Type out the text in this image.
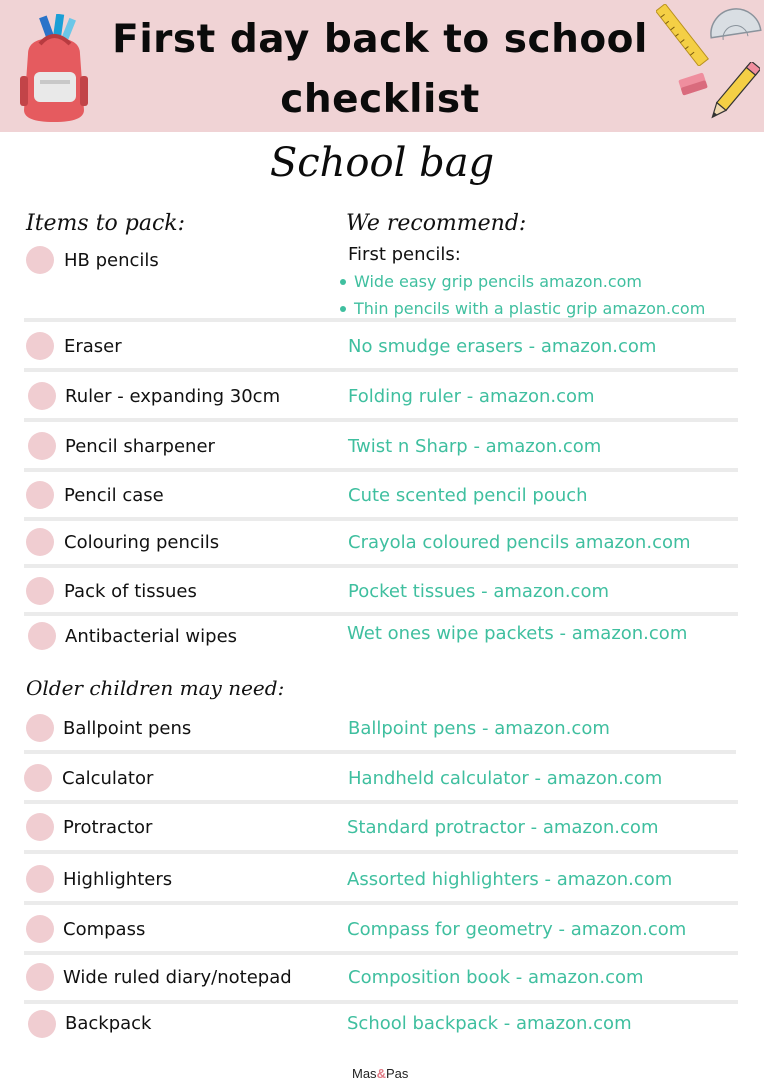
First day back to school
checklist
School bag
Items to pack:	We recommend:
HB pencils	First pencils:
Wide easy grip pencils amazon.com
Thin pencils with a plastic grip amazon.com
Eraser	No smudge erasers - amazon.com
Ruler - expanding 30cm	Folding ruler - amazon.com
Pencil sharpener	Twist n Sharp - amazon.com
Pencil case	Cute scented pencil pouch
Colouring pencils	Crayola coloured pencils amazon.com
Pack of tissues	Pocket tissues - amazon.com
Antibacterial wipes	Wet ones wipe packets - amazon.com
Older children may need:
Ballpoint pens	Ballpoint pens - amazon.com
Calculator	Handheld calculator - amazon.com
Protractor	Standard protractor - amazon.com
Highlighters	Assorted highlighters - amazon.com
Compass	Compass for geometry - amazon.com
Wide ruled diary/notepad	Composition book - amazon.com
Backpack	School backpack - amazon.com
Mas&Pas
